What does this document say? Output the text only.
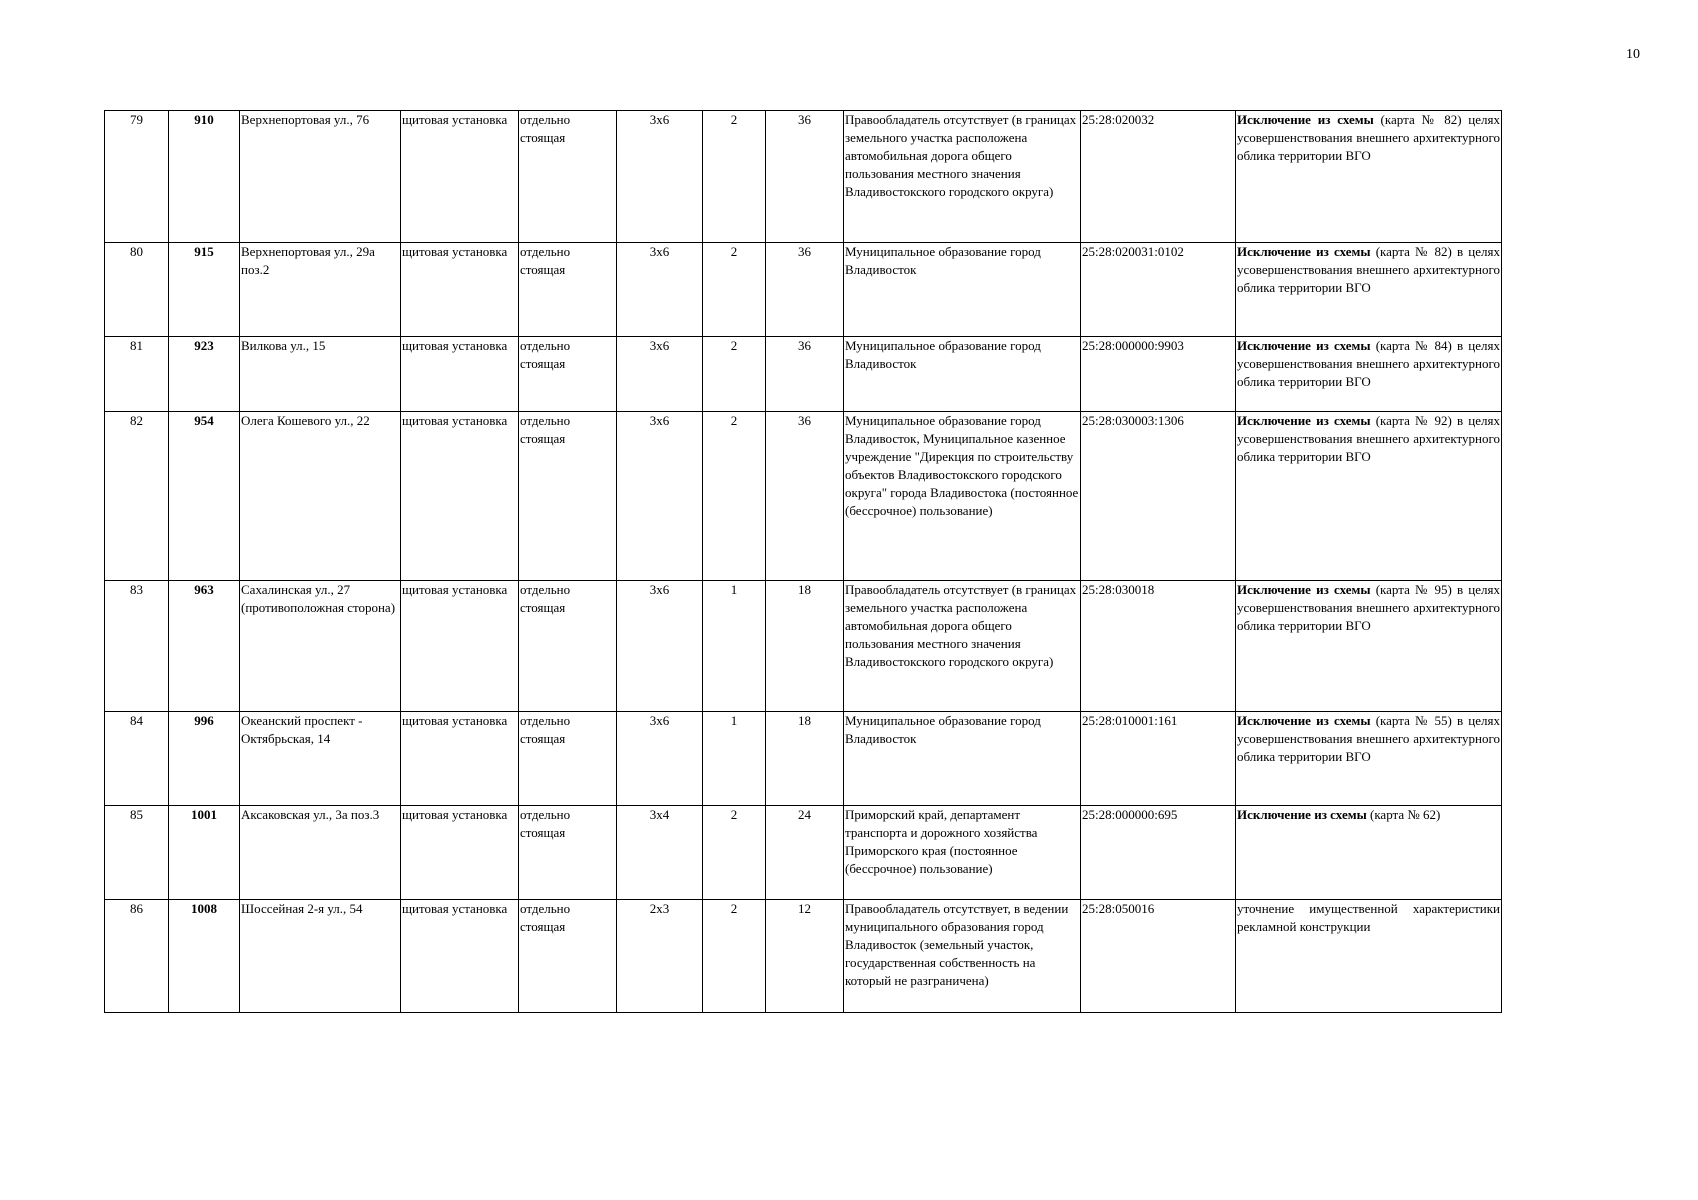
10
79	910	Верхнепортовая ул., 76	щитовая установка	отдельно стоящая	3х6	2	36	Правообладатель отсутствует (в границах земельного участка расположена автомобильная дорога общего пользования местного значения Владивостокского городского округа)	25:28:020032	Исключение из схемы (карта № 82) целях усовершенствования внешнего архитектурного облика территории ВГО
80	915	Верхнепортовая ул., 29а поз.2	щитовая установка	отдельно стоящая	3х6	2	36	Муниципальное образование город Владивосток	25:28:020031:0102	Исключение из схемы (карта № 82) в целях усовершенствования внешнего архитектурного облика территории ВГО
81	923	Вилкова ул., 15	щитовая установка	отдельно стоящая	3х6	2	36	Муниципальное образование город Владивосток	25:28:000000:9903	Исключение из схемы (карта № 84) в целях усовершенствования внешнего архитектурного облика территории ВГО
82	954	Олега Кошевого ул., 22	щитовая установка	отдельно стоящая	3х6	2	36	Муниципальное образование город Владивосток, Муниципальное казенное учреждение "Дирекция по строительству объектов Владивостокского городского округа" города Владивостока (постоянное (бессрочное) пользование)	25:28:030003:1306	Исключение из схемы (карта № 92) в целях усовершенствования внешнего архитектурного облика территории ВГО
83	963	Сахалинская ул., 27 (противоположная сторона)	щитовая установка	отдельно стоящая	3х6	1	18	Правообладатель отсутствует (в границах земельного участка расположена автомобильная дорога общего пользования местного значения Владивостокского городского округа)	25:28:030018	Исключение из схемы (карта № 95) в целях усовершенствования внешнего архитектурного облика территории ВГО
84	996	Океанский проспект - Октябрьская, 14	щитовая установка	отдельно стоящая	3х6	1	18	Муниципальное образование город Владивосток	25:28:010001:161	Исключение из схемы (карта № 55) в целях усовершенствования внешнего архитектурного облика территории ВГО
85	1001	Аксаковская ул., 3а поз.3	щитовая установка	отдельно стоящая	3х4	2	24	Приморский край, департамент транспорта и дорожного хозяйства Приморского края (постоянное (бессрочное) пользование)	25:28:000000:695	Исключение из схемы (карта № 62)
86	1008	Шоссейная 2-я ул., 54	щитовая установка	отдельно стоящая	2х3	2	12	Правообладатель отсутствует, в ведении муниципального образования город Владивосток (земельный участок, государственная собственность на который не разграничена)	25:28:050016	уточнение имущественной характеристики рекламной конструкции
